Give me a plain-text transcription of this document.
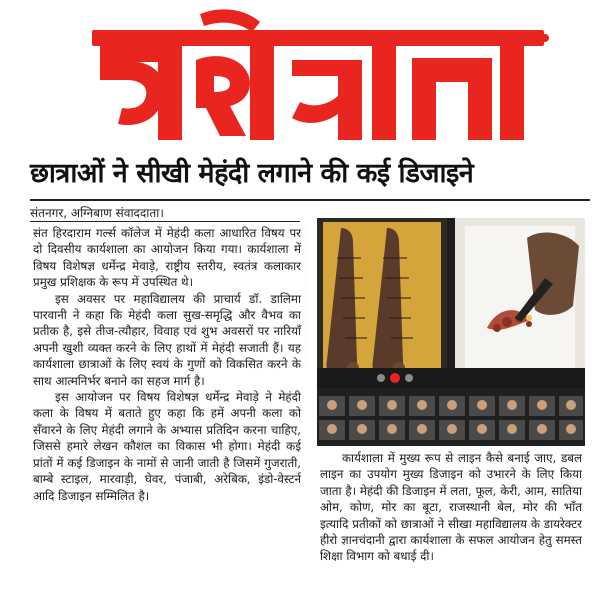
छात्राओं ने सीखी मेहंदी लगाने की कई डिजाइने
संतनगर, अग्निबाण संवाददाता।

संत हिरदाराम गर्ल्स कॉलेज में मेहंदी कला आधारित विषय पर दो दिवसीय कार्यशाला का आयोजन किया गया। कार्यशाला में विषय विशेषज्ञ धर्मेन्द्र मेवाड़े, राष्ट्रीय स्तरीय, स्वतंत्र कलाकार प्रमुख प्रशिक्षक के रूप में उपस्थित थे।

इस अवसर पर महाविद्यालय की प्राचार्य डॉ. डालिमा पारवानी ने कहा कि मेहंदी कला सुख-समृद्धि और वैभव का प्रतीक है, इसे तीज-त्यौहार, विवाह एवं शुभ अवसरों पर नारियाँ अपनी खुशी व्यक्त करने के लिए हाथों में मेहंदी सजाती हैं। यह कार्यशाला छात्राओं के लिए स्वयं के गुणों को विकसित करने के साथ आत्मनिर्भर बनाने का सहज मार्ग है।

इस आयोजन पर विषय विशेषज्ञ धर्मेन्द्र मेवाड़े ने मेहंदी कला के विषय में बताते हुए कहा कि हमें अपनी कला को सँवारने के लिए मेहंदी लगाने के अभ्यास प्रतिदिन करना चाहिए, जिससे हमारे लेखन कौशल का विकास भी होगा। मेहंदी कई प्रांतों में कई डिजाइन के नामों से जानी जाती है जिसमें गुजराती, बाम्बे स्टाइल, मारवाड़ी, घेवर, पंजाबी, अरेबिक, इंडो-वेस्टर्न आदि डिजाइन सम्मिलित है।

कार्यशाला में मुख्य रूप से लाइन कैसे बनाई जाए, डबल लाइन का उपयोग मुख्य डिजाइन को उभारने के लिए किया जाता है। मेहंदी की डिजाइन में लता, फूल, केरी, आम, सातिया ओम, कोण, मोर का बूटा, राजस्थानी बेल, मोर की भाँत इत्यादि प्रतीकों को छात्राओं ने सीखा महाविद्यालय के डायरेक्टर हीरो ज्ञानचंदानी द्वारा कार्यशाला के सफल आयोजन हेतु समस्त शिक्षा विभाग को बधाई दी।
